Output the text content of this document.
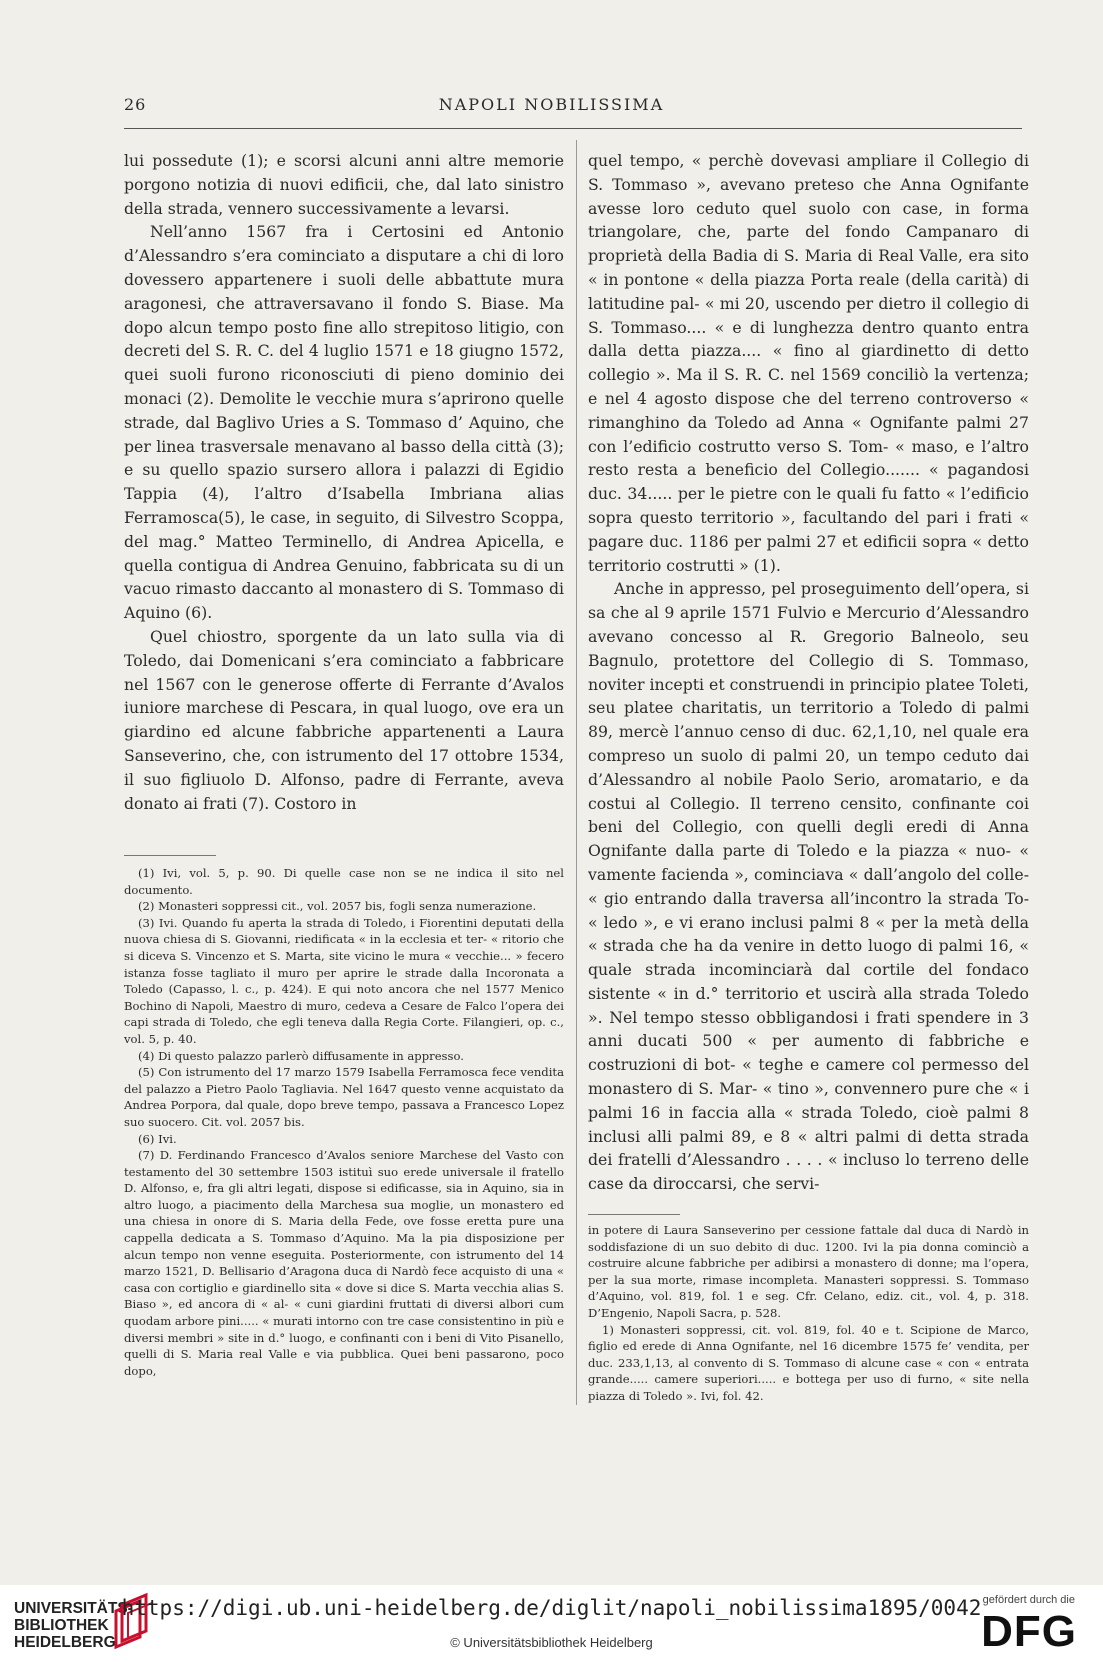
26	NAPOLI NOBILISSIMA

lui possedute (1); e scorsi alcuni anni altre memorie porgono notizia di nuovi edificii, che, dal lato sinistro della strada, vennero successivamente a levarsi.

Nell’anno 1567 fra i Certosini ed Antonio d’Alessandro s’era cominciato a disputare a chi di loro dovessero appartenere i suoli delle abbattute mura aragonesi, che attraversavano il fondo S. Biase. Ma dopo alcun tempo posto fine allo strepitoso litigio, con decreti del S. R. C. del 4 luglio 1571 e 18 giugno 1572, quei suoli furono riconosciuti di pieno dominio dei monaci (2). Demolite le vecchie mura s’aprirono quelle strade, dal Baglivo Uries a S. Tommaso d’ Aquino, che per linea trasversale menavano al basso della città (3); e su quello spazio sursero allora i palazzi di Egidio Tappia (4), l’altro d’Isabella Imbriana alias Ferramosca(5), le case, in seguito, di Silvestro Scoppa, del mag.° Matteo Terminello, di Andrea Apicella, e quella contigua di Andrea Genuino, fabbricata su di un vacuo rimasto daccanto al monastero di S. Tommaso di Aquino (6).

Quel chiostro, sporgente da un lato sulla via di Toledo, dai Domenicani s’era cominciato a fabbricare nel 1567 con le generose offerte di Ferrante d’Avalos iuniore marchese di Pescara, in qual luogo, ove era un giardino ed alcune fabbriche appartenenti a Laura Sanseverino, che, con istrumento del 17 ottobre 1534, il suo figliuolo D. Alfonso, padre di Ferrante, aveva donato ai frati (7). Costoro in

quel tempo, « perchè dovevasi ampliare il Collegio di S. Tommaso », avevano preteso che Anna Ognifante avesse loro ceduto quel suolo con case, in forma triangolare, che, parte del fondo Campanaro di proprietà della Badia di S. Maria di Real Valle, era sito « in pontone « della piazza Porta reale (della carità) di latitudine pal- « mi 20, uscendo per dietro il collegio di S. Tommaso.... « e di lunghezza dentro quanto entra dalla detta piazza.... « fino al giardinetto di detto collegio ». Ma il S. R. C. nel 1569 conciliò la vertenza; e nel 4 agosto dispose che del terreno controverso « rimanghino da Toledo ad Anna « Ognifante palmi 27 con l’edificio costrutto verso S. Tom- « maso, e l’altro resto resta a beneficio del Collegio....... « pagandosi duc. 34..... per le pietre con le quali fu fatto « l’edificio sopra questo territorio », facultando del pari i frati « pagare duc. 1186 per palmi 27 et edificii sopra « detto territorio costrutti » (1).

Anche in appresso, pel proseguimento dell’opera, si sa che al 9 aprile 1571 Fulvio e Mercurio d’Alessandro avevano concesso al R. Gregorio Balneolo, seu Bagnulo, protettore del Collegio di S. Tommaso, noviter incepti et construendi in principio platee Toleti, seu platee charitatis, un territorio a Toledo di palmi 89, mercè l’annuo censo di duc. 62,1,10, nel quale era compreso un suolo di palmi 20, un tempo ceduto dai d’Alessandro al nobile Paolo Serio, aromatario, e da costui al Collegio. Il terreno censito, confinante coi beni del Collegio, con quelli degli eredi di Anna Ognifante dalla parte di Toledo e la piazza « nuo- « vamente facienda », cominciava « dall’angolo del colle- « gio entrando dalla traversa all’incontro la strada To- « ledo », e vi erano inclusi palmi 8 « per la metà della « strada che ha da venire in detto luogo di palmi 16, « quale strada incominciarà dal cortile del fondaco sistente « in d.° territorio et uscirà alla strada Toledo ». Nel tempo stesso obbligandosi i frati spendere in 3 anni ducati 500 « per aumento di fabbriche e costruzioni di bot- « teghe e camere col permesso del monastero di S. Mar- « tino », convennero pure che « i palmi 16 in faccia alla « strada Toledo, cioè palmi 8 inclusi alli palmi 89, e 8 « altri palmi di detta strada dei fratelli d’Alessandro . . . . « incluso lo terreno delle case da diroccarsi, che servi-

(1) Ivi, vol. 5, p. 90. Di quelle case non se ne indica il sito nel documento.

(2) Monasteri soppressi cit., vol. 2057 bis, fogli senza numerazione.

(3) Ivi. Quando fu aperta la strada di Toledo, i Fiorentini deputati della nuova chiesa di S. Giovanni, riedificata « in la ecclesia et ter- « ritorio che si diceva S. Vincenzo et S. Marta, site vicino le mura « vecchie... » fecero istanza fosse tagliato il muro per aprire le strade dalla Incoronata a Toledo (Capasso, l. c., p. 424). E qui noto ancora che nel 1577 Menico Bochino di Napoli, Maestro di muro, cedeva a Cesare de Falco l’opera dei capi strada di Toledo, che egli teneva dalla Regia Corte. Filangieri, op. c., vol. 5, p. 40.

(4) Di questo palazzo parlerò diffusamente in appresso.

(5) Con istrumento del 17 marzo 1579 Isabella Ferramosca fece vendita del palazzo a Pietro Paolo Tagliavia. Nel 1647 questo venne acquistato da Andrea Porpora, dal quale, dopo breve tempo, passava a Francesco Lopez suo suocero. Cit. vol. 2057 bis.

(6) Ivi.

(7) D. Ferdinando Francesco d’Avalos seniore Marchese del Vasto con testamento del 30 settembre 1503 istituì suo erede universale il fratello D. Alfonso, e, fra gli altri legati, dispose si edificasse, sia in Aquino, sia in altro luogo, a piacimento della Marchesa sua moglie, un monastero ed una chiesa in onore di S. Maria della Fede, ove fosse eretta pure una cappella dedicata a S. Tommaso d’Aquino. Ma la pia disposizione per alcun tempo non venne eseguita. Posteriormente, con istrumento del 14 marzo 1521, D. Bellisario d’Aragona duca di Nardò fece acquisto di una « casa con cortiglio e giardinello sita « dove si dice S. Marta vecchia alias S. Biaso », ed ancora di « al- « cuni giardini fruttati di diversi albori cum quodam arbore pini..... « murati intorno con tre case consistentino in più e diversi membri » site in d.° luogo, e confinanti con i beni di Vito Pisanello, quelli di S. Maria real Valle e via pubblica. Quei beni passarono, poco dopo,

in potere di Laura Sanseverino per cessione fattale dal duca di Nardò in soddisfazione di un suo debito di duc. 1200. Ivi la pia donna cominciò a costruire alcune fabbriche per adibirsi a monastero di donne; ma l’opera, per la sua morte, rimase incompleta. Manasteri soppressi. S. Tommaso d’Aquino, vol. 819, fol. 1 e seg. Cfr. Celano, ediz. cit., vol. 4, p. 318. D’Engenio, Napoli Sacra, p. 528.

1) Monasteri soppressi, cit. vol. 819, fol. 40 e t. Scipione de Marco, figlio ed erede di Anna Ognifante, nel 16 dicembre 1575 fe’ vendita, per duc. 233,1,13, al convento di S. Tommaso di alcune case « con « entrata grande..... camere superiori..... e bottega per uso di furno, « site nella piazza di Toledo ». Ivi, fol. 42.

UNIVERSITÄTS-
BIBLIOTHEK
HEIDELBERG
https://digi.ub.uni-heidelberg.de/diglit/napoli_nobilissima1895/0042
© Universitätsbibliothek Heidelberg
gefördert durch die
DFG
